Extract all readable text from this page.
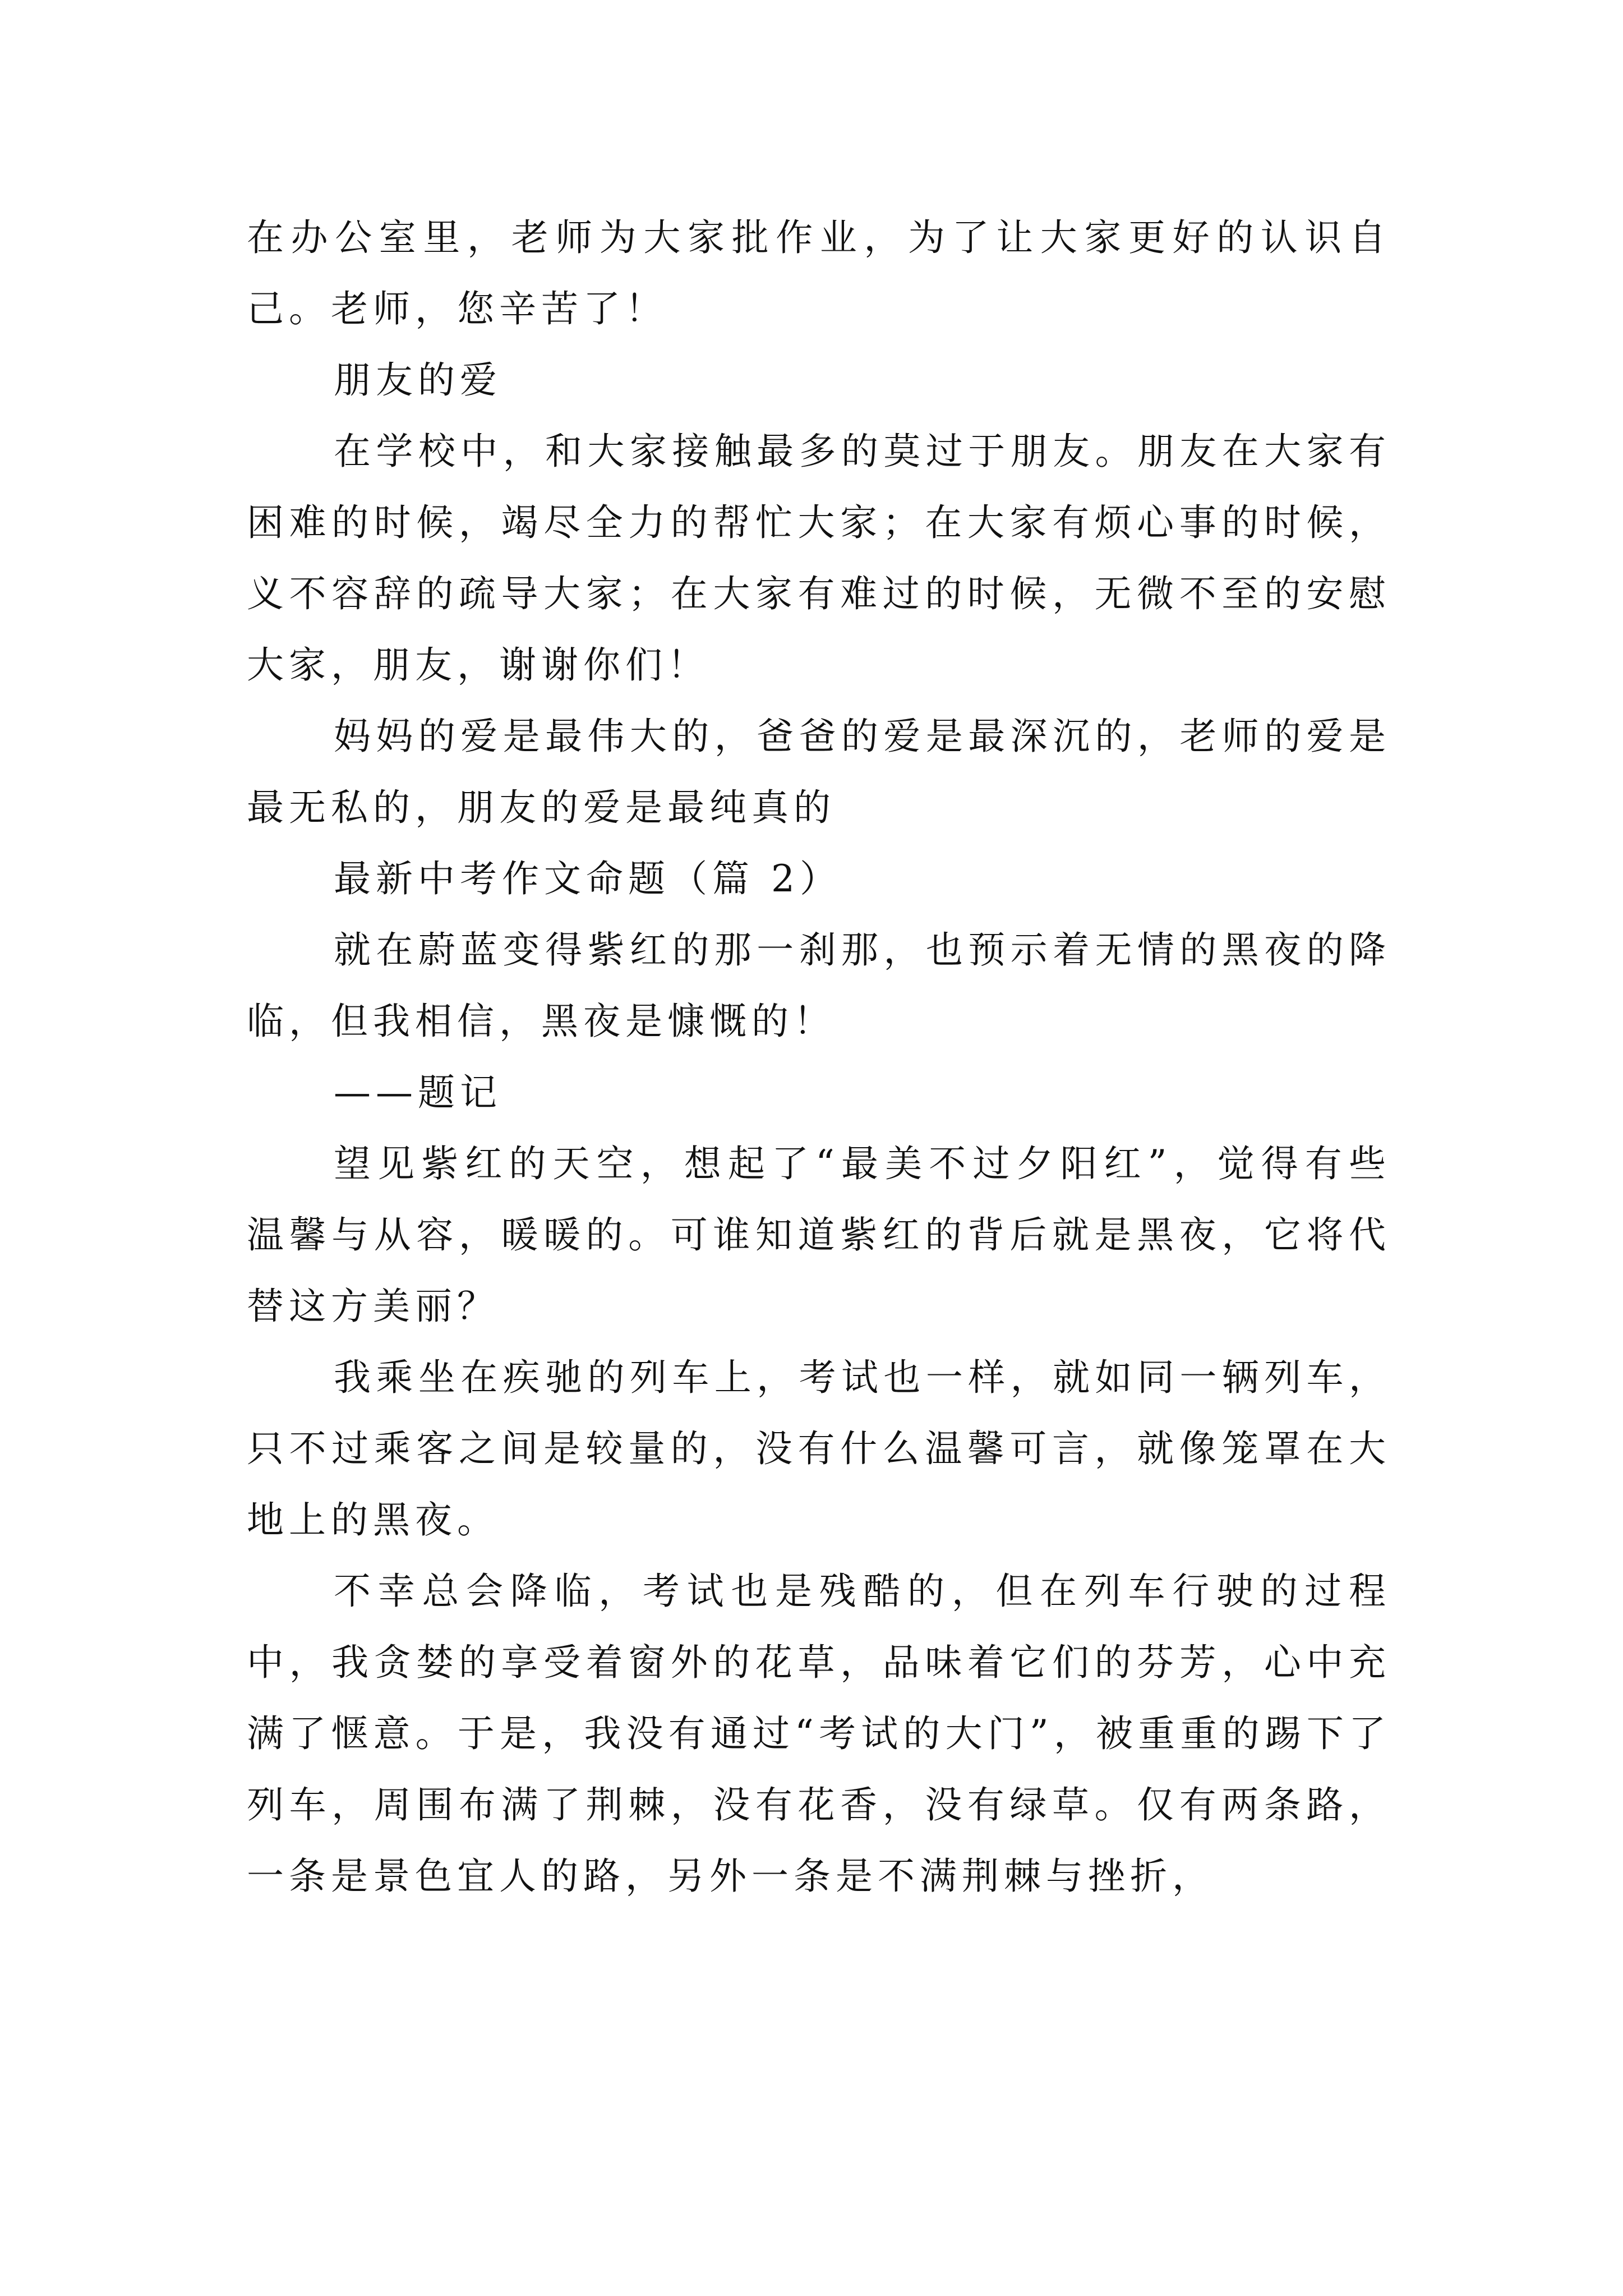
在办公室里，老师为大家批作业，为了让大家更好的认识自己。老师，您辛苦了！

朋友的爱

在学校中，和大家接触最多的莫过于朋友。朋友在大家有困难的时候，竭尽全力的帮忙大家；在大家有烦心事的时候，义不容辞的疏导大家；在大家有难过的时候，无微不至的安慰大家，朋友，谢谢你们！

妈妈的爱是最伟大的，爸爸的爱是最深沉的，老师的爱是最无私的，朋友的爱是最纯真的

最新中考作文命题（篇 2）

就在蔚蓝变得紫红的那一刹那，也预示着无情的黑夜的降临，但我相信，黑夜是慷慨的！

——题记

望见紫红的天空，想起了“最美不过夕阳红”，觉得有些温馨与从容，暖暖的。可谁知道紫红的背后就是黑夜，它将代替这方美丽？

我乘坐在疾驰的列车上，考试也一样，就如同一辆列车，只不过乘客之间是较量的，没有什么温馨可言，就像笼罩在大地上的黑夜。

不幸总会降临，考试也是残酷的，但在列车行驶的过程中，我贪婪的享受着窗外的花草，品味着它们的芬芳，心中充满了惬意。于是，我没有通过“考试的大门”，被重重的踢下了列车，周围布满了荆棘，没有花香，没有绿草。仅有两条路，一条是景色宜人的路，另外一条是不满荆棘与挫折，
